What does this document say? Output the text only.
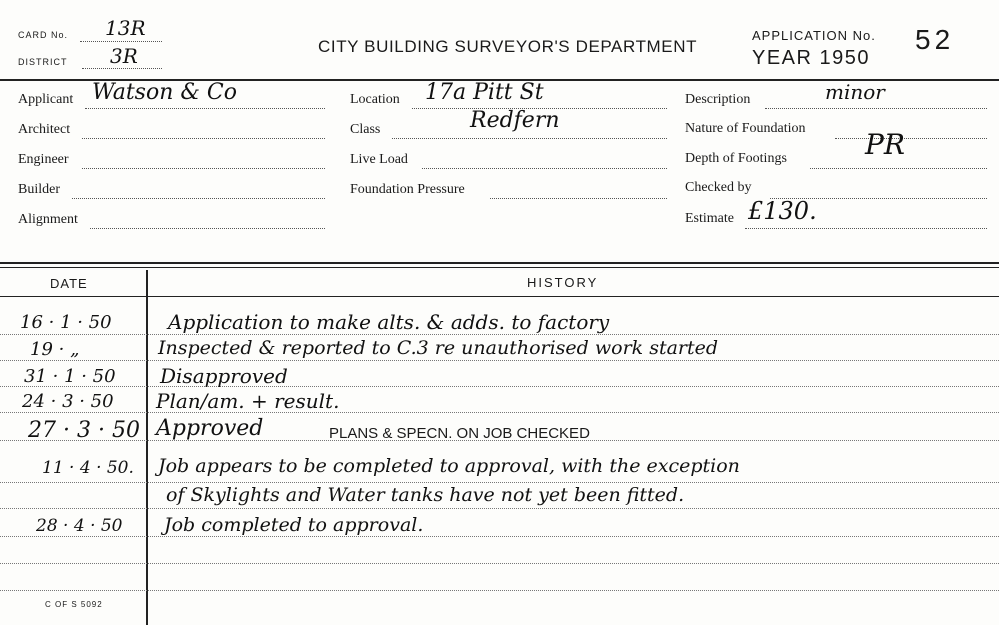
CARD No. 13R
DISTRICT 3R	CITY BUILDING SURVEYOR'S DEPARTMENT
APPLICATION No.
YEAR 1950
52
Applicant Watson & Co
Architect
Engineer
Builder
Alignment
Location 17a Pitt St
Class	Redfern
Live Load
Foundation Pressure
Description	minor
Nature of Foundation
Depth of Footings	PR
Checked by
Estimate £130.
DATE	HISTORY
16 · 1 · 50	Application to make alts. & adds. to factory
19 · „	Inspected & reported to C.3 re unauthorised work started
31 · 1 · 50 Disapproved
24 · 3 · 50 Plan/am. + result.
27 · 3 · 50 Approved	PLANS & SPECN. ON JOB CHECKED
11 · 4 · 50. Job appears to be completed to approval, with the exception
of Skylights and Water tanks have not yet been fitted.
28 · 4 · 50 Job completed to approval.
C OF S 5092
